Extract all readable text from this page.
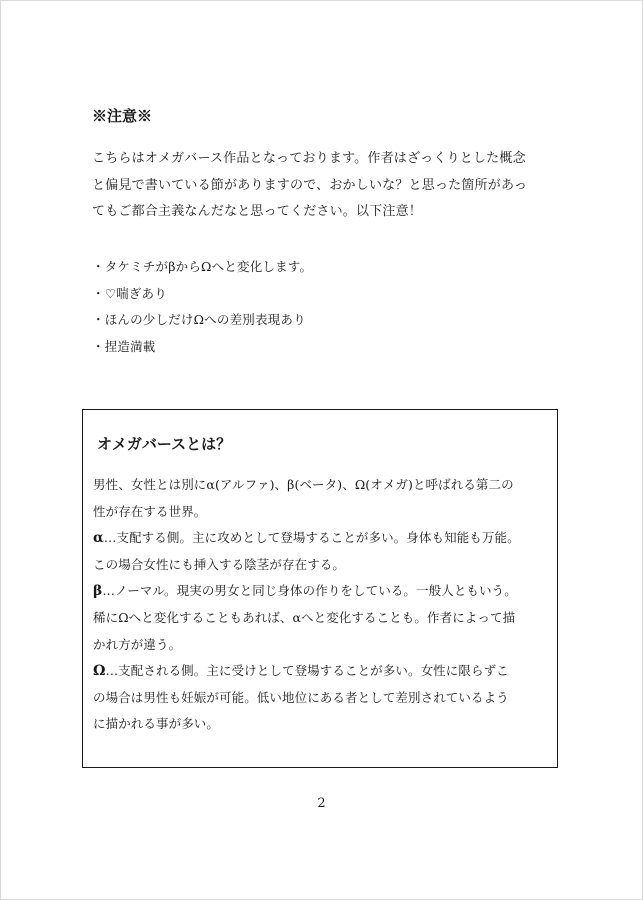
※注意※
こちらはオメガバース作品となっております。作者はざっくりとした概念
と偏見で書いている節がありますので、おかしいな？と思った箇所があっ
てもご都合主義なんだなと思ってください。以下注意！
・タケミチがβからΩへと変化します。
・♡喘ぎあり
・ほんの少しだけΩへの差別表現あり
・捏造満載
オメガバースとは？
男性、女性とは別にα(アルファ)、β(ベータ)、Ω(オメガ)と呼ばれる第二の
性が存在する世界。
α…支配する側。主に攻めとして登場することが多い。身体も知能も万能。
この場合女性にも挿入する陰茎が存在する。
β…ノーマル。現実の男女と同じ身体の作りをしている。一般人ともいう。
稀にΩへと変化することもあれば、αへと変化することも。作者によって描
かれ方が違う。
Ω…支配される側。主に受けとして登場することが多い。女性に限らずこ
の場合は男性も妊娠が可能。低い地位にある者として差別されているよう
に描かれる事が多い。
2
